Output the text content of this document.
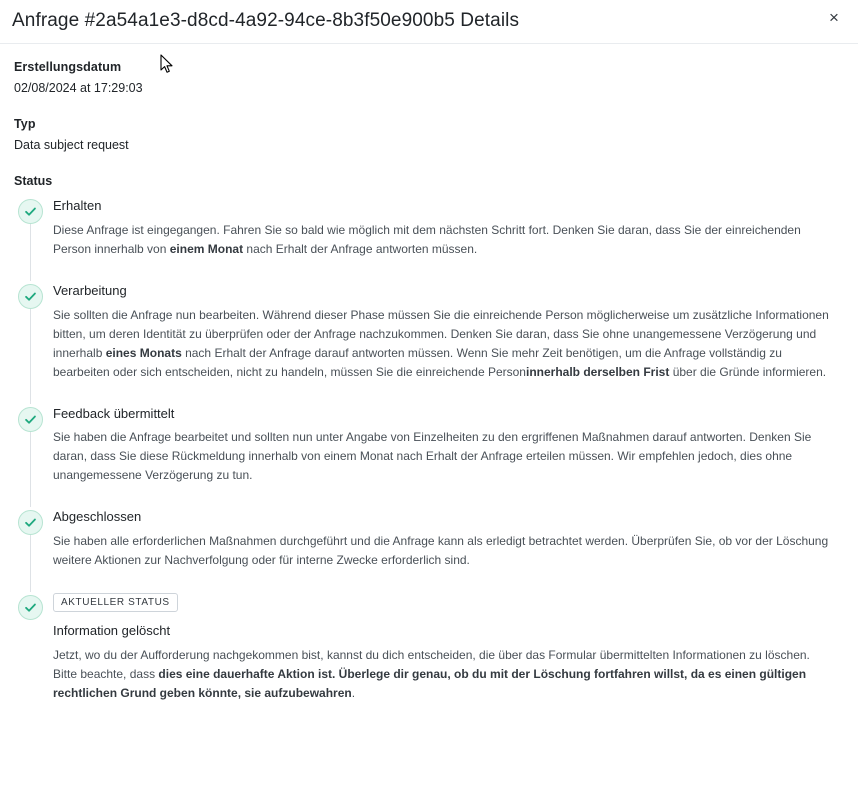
Anfrage #2a54a1e3-d8cd-4a92-94ce-8b3f50e900b5 Details	×
Erstellungsdatum
02/08/2024 at 17:29:03
Typ
Data subject request
Status
Erhalten

Diese Anfrage ist eingegangen. Fahren Sie so bald wie möglich mit dem nächsten Schritt fort. Denken Sie daran, dass Sie der einreichenden Person innerhalb von einem Monat nach Erhalt der Anfrage antworten müssen.

Verarbeitung

Sie sollten die Anfrage nun bearbeiten. Während dieser Phase müssen Sie die einreichende Person möglicherweise um zusätzliche Informationen bitten, um deren Identität zu überprüfen oder der Anfrage nachzukommen. Denken Sie daran, dass Sie ohne unangemessene Verzögerung und innerhalb eines Monats nach Erhalt der Anfrage darauf antworten müssen. Wenn Sie mehr Zeit benötigen, um die Anfrage vollständig zu bearbeiten oder sich entscheiden, nicht zu handeln, müssen Sie die einreichende Personinnerhalb derselben Frist über die Gründe informieren.

Feedback übermittelt

Sie haben die Anfrage bearbeitet und sollten nun unter Angabe von Einzelheiten zu den ergriffenen Maßnahmen darauf antworten. Denken Sie daran, dass Sie diese Rückmeldung innerhalb von einem Monat nach Erhalt der Anfrage erteilen müssen. Wir empfehlen jedoch, dies ohne unangemessene Verzögerung zu tun.

Abgeschlossen

Sie haben alle erforderlichen Maßnahmen durchgeführt und die Anfrage kann als erledigt betrachtet werden. Überprüfen Sie, ob vor der Löschung weitere Aktionen zur Nachverfolgung oder für interne Zwecke erforderlich sind.

AKTUELLER STATUS
Information gelöscht

Jetzt, wo du der Aufforderung nachgekommen bist, kannst du dich entscheiden, die über das Formular übermittelten Informationen zu löschen. Bitte beachte, dass dies eine dauerhafte Aktion ist. Überlege dir genau, ob du mit der Löschung fortfahren willst, da es einen gültigen rechtlichen Grund geben könnte, sie aufzubewahren.
